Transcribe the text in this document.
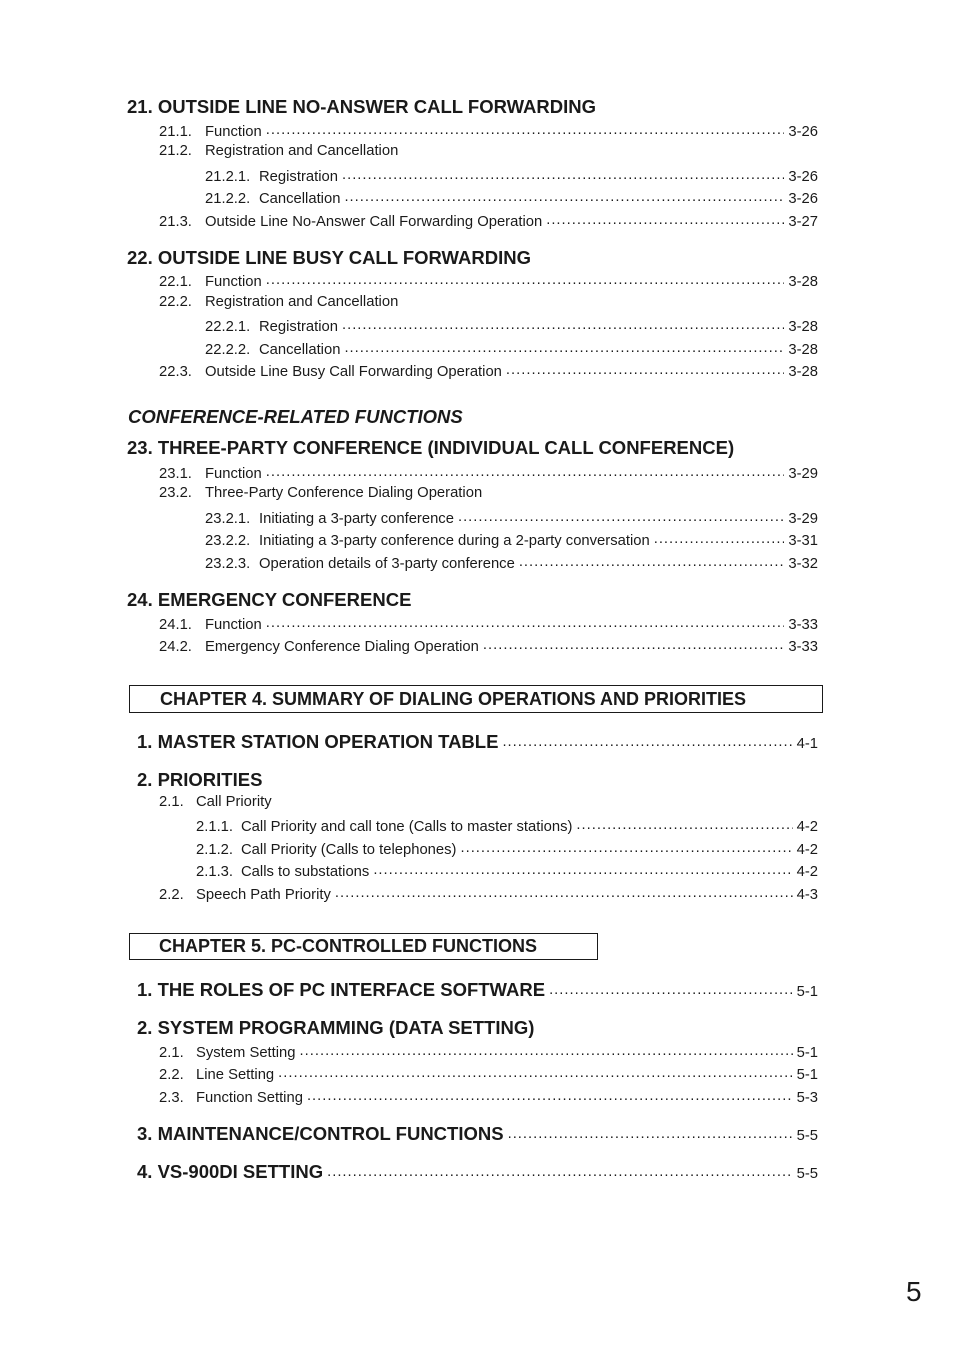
21. OUTSIDE LINE NO-ANSWER CALL FORWARDING
21.1. Function .....	3-26
21.2. Registration and Cancellation
21.2.1. Registration .....	3-26
21.2.2. Cancellation .....	3-26
21.3. Outside Line No-Answer Call Forwarding Operation .....	3-27
22. OUTSIDE LINE BUSY CALL FORWARDING
22.1. Function .....	3-28
22.2. Registration and Cancellation
22.2.1. Registration .....	3-28
22.2.2. Cancellation .....	3-28
22.3. Outside Line Busy Call Forwarding Operation .....	3-28
CONFERENCE-RELATED FUNCTIONS
23. THREE-PARTY CONFERENCE (INDIVIDUAL CALL CONFERENCE)
23.1. Function .....	3-29
23.2. Three-Party Conference Dialing Operation
23.2.1. Initiating a 3-party conference .....	3-29
23.2.2. Initiating a 3-party conference during a 2-party conversation .....	3-31
23.2.3. Operation details of 3-party conference .....	3-32
24. EMERGENCY CONFERENCE
24.1. Function .....	3-33
24.2. Emergency Conference Dialing Operation .....	3-33
CHAPTER 4. SUMMARY OF DIALING OPERATIONS AND PRIORITIES
1. MASTER STATION OPERATION TABLE .....	4-1
2. PRIORITIES
2.1. Call Priority
2.1.1. Call Priority and call tone (Calls to master stations) .....	4-2
2.1.2. Call Priority (Calls to telephones) .....	4-2
2.1.3. Calls to substations .....	4-2
2.2. Speech Path Priority .....	4-3
CHAPTER 5. PC-CONTROLLED FUNCTIONS
1. THE ROLES OF PC INTERFACE SOFTWARE .....	5-1
2. SYSTEM PROGRAMMING (DATA SETTING)
2.1. System Setting .....	5-1
2.2. Line Setting .....	5-1
2.3. Function Setting .....	5-3
3. MAINTENANCE/CONTROL FUNCTIONS .....	5-5
4. VS-900DI SETTING .....	5-5
5
